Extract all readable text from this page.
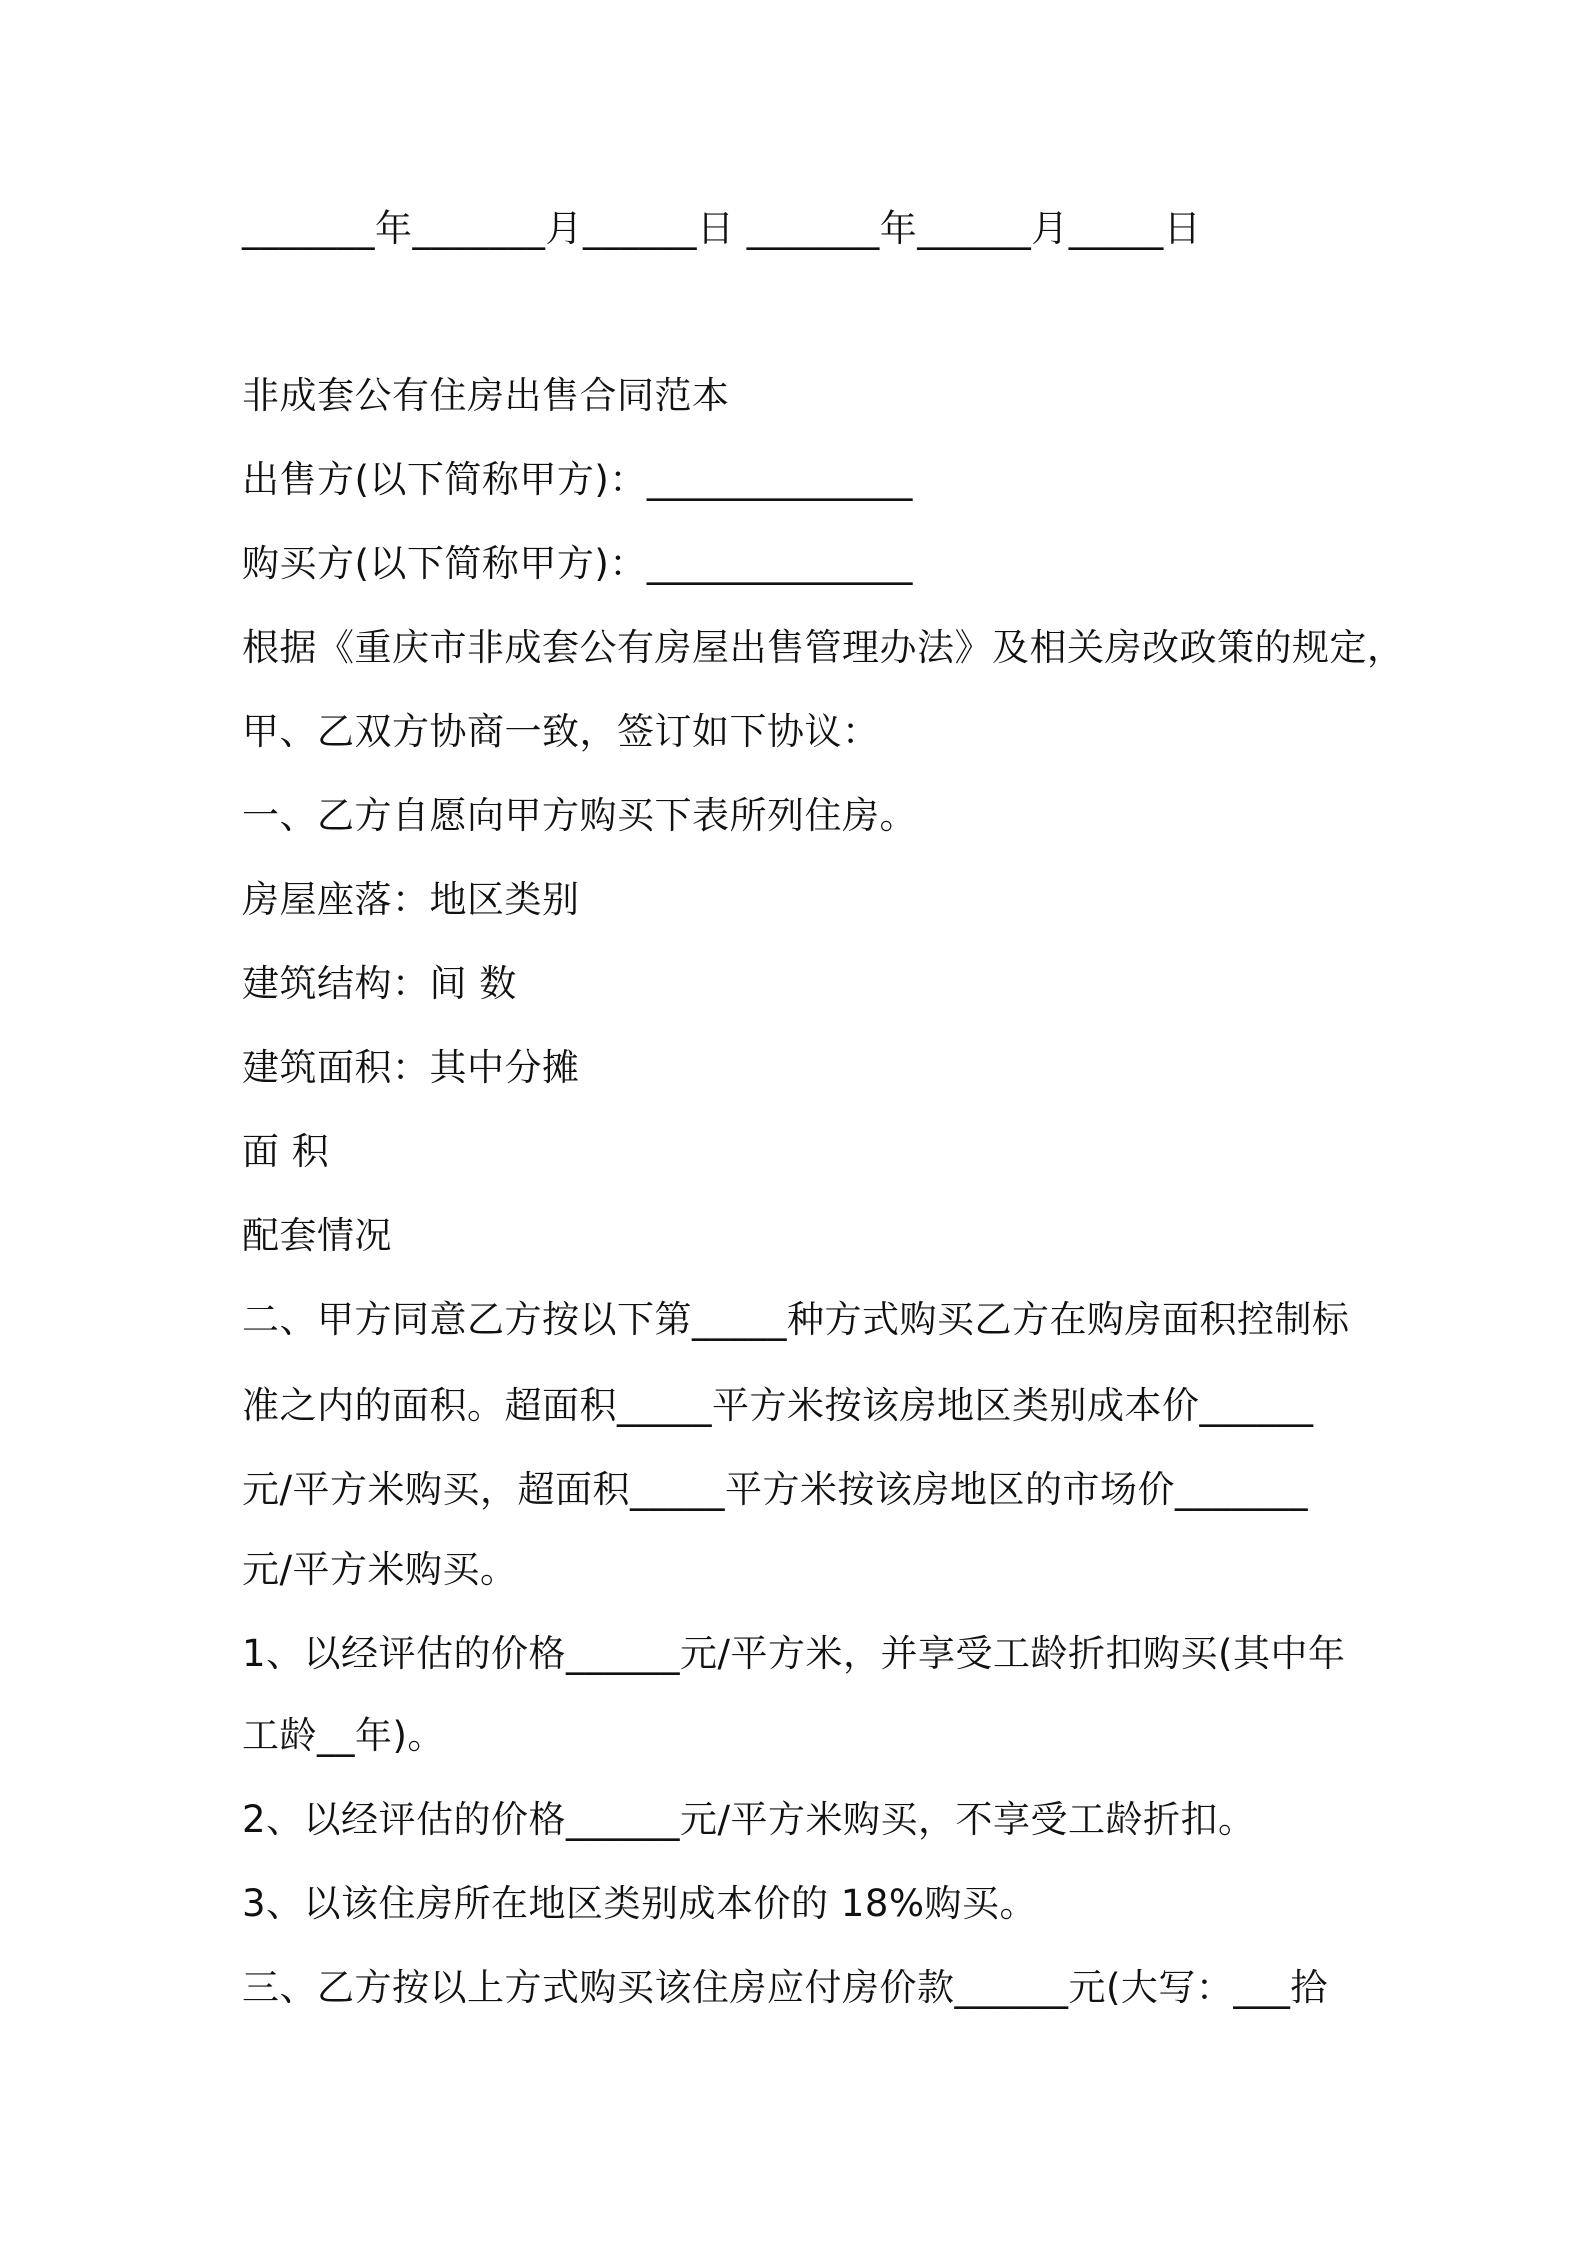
_______年_______月______日 _______年______月_____日
非成套公有住房出售合同范本
出售方(以下简称甲方)：______________
购买方(以下简称甲方)：______________
根据《重庆市非成套公有房屋出售管理办法》及相关房改政策的规定，
甲、乙双方协商一致，签订如下协议：
一、乙方自愿向甲方购买下表所列住房。
房屋座落：地区类别
建筑结构：间 数
建筑面积：其中分摊
面 积
配套情况
二、甲方同意乙方按以下第_____种方式购买乙方在购房面积控制标
准之内的面积。超面积_____平方米按该房地区类别成本价______
元/平方米购买，超面积_____平方米按该房地区的市场价_______
元/平方米购买。
1、以经评估的价格______元/平方米，并享受工龄折扣购买(其中年
工龄__年)。
2、以经评估的价格______元/平方米购买，不享受工龄折扣。
3、以该住房所在地区类别成本价的 18%购买。
三、乙方按以上方式购买该住房应付房价款______元(大写：___拾
